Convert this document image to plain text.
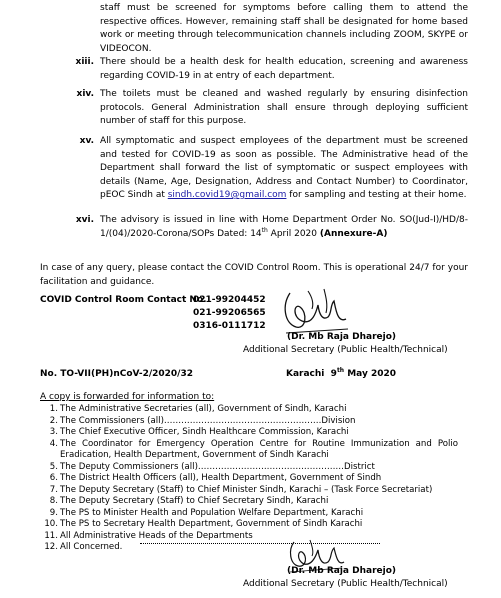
staff must be screened for symptoms before calling them to attend the respective offices. However, remaining staff shall be designated for home based work or meeting through telecommunication channels including ZOOM, SKYPE or VIDEOCON.
xiii. There should be a health desk for health education, screening and awareness regarding COVID-19 in at entry of each department.
xiv. The toilets must be cleaned and washed regularly by ensuring disinfection protocols. General Administration shall ensure through deploying sufficient number of staff for this purpose.
xv. All symptomatic and suspect employees of the department must be screened and tested for COVID-19 as soon as possible. The Administrative head of the Department shall forward the list of symptomatic or suspect employees with details (Name, Age, Designation, Address and Contact Number) to Coordinator, pEOC Sindh at sindh.covid19@gmail.com for sampling and testing at their home.
xvi. The advisory is issued in line with Home Department Order No. SO(Jud-I)/HD/8-1/(04)/2020-Corona/SOPs Dated: 14th April 2020 (Annexure-A)
In case of any query, please contact the COVID Control Room. This is operational 24/7 for your facilitation and guidance.
COVID Control Room Contact No.
021-99204452
021-99206565
0316-0111712
(Dr. Mb Raja Dharejo)
Additional Secretary (Public Health/Technical)
No. TO-VII(PH)nCoV-2/2020/32	Karachi 9th May 2020
A copy is forwarded for information to:
1. The Administrative Secretaries (all), Government of Sindh, Karachi
2. The Commissioners (all)……………………………………………….Division
3. The Chief Executive Officer, Sindh Healthcare Commission, Karachi
4. The Coordinator for Emergency Operation Centre for Routine Immunization and Polio Eradication, Health Department, Government of Sindh Karachi
5. The Deputy Commissioners (all)……………………………………………District
6. The District Health Officers (all), Health Department, Government of Sindh
7. The Deputy Secretary (Staff) to Chief Minister Sindh, Karachi – (Task Force Secretariat)
8. The Deputy Secretary (Staff) to Chief Secretary Sindh, Karachi
9. The PS to Minister Health and Population Welfare Department, Karachi
10. The PS to Secretary Health Department, Government of Sindh Karachi
11. All Administrative Heads of the Departments
12. All Concerned.
(Dr. Mb Raja Dharejo)
Additional Secretary (Public Health/Technical)
